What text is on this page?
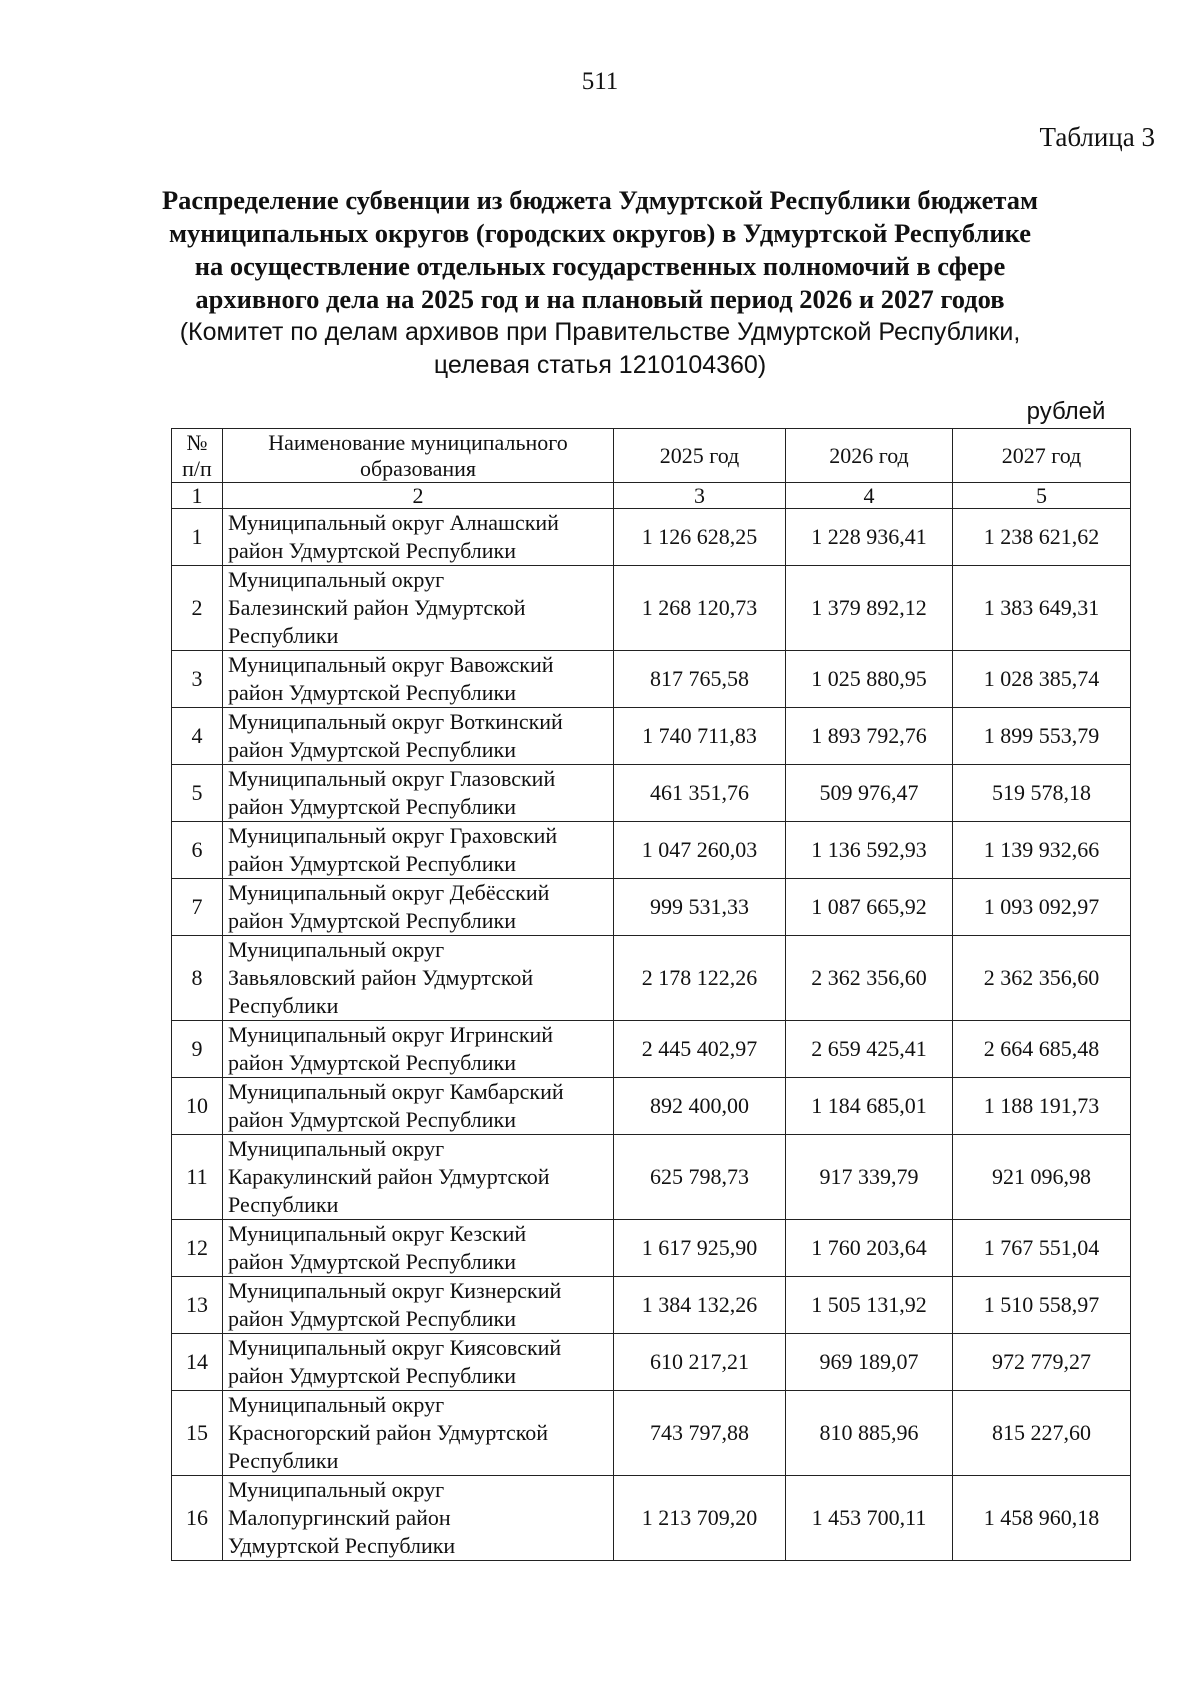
511
Таблица 3
Распределение субвенции из бюджета Удмуртской Республики бюджетам
муниципальных округов (городских округов) в Удмуртской Республике
на осуществление отдельных государственных полномочий в сфере
архивного дела на 2025 год и на плановый период 2026 и 2027 годов
(Комитет по делам архивов при Правительстве Удмуртской Республики,
целевая статья 1210104360)
рублей
№
п/п	Наименование муниципального образования	2025 год	2026 год	2027 год
1	2	3	4	5
1	Муниципальный округ Алнашский
район Удмуртской Республики	1 126 628,25	1 228 936,41	1 238 621,62
2	Муниципальный округ
Балезинский район Удмуртской
Республики	1 268 120,73	1 379 892,12	1 383 649,31
3	Муниципальный округ Вавожский
район Удмуртской Республики	817 765,58	1 025 880,95	1 028 385,74
4	Муниципальный округ Воткинский
район Удмуртской Республики	1 740 711,83	1 893 792,76	1 899 553,79
5	Муниципальный округ Глазовский
район Удмуртской Республики	461 351,76	509 976,47	519 578,18
6	Муниципальный округ Граховский
район Удмуртской Республики	1 047 260,03	1 136 592,93	1 139 932,66
7	Муниципальный округ Дебёсский
район Удмуртской Республики	999 531,33	1 087 665,92	1 093 092,97
8	Муниципальный округ
Завьяловский район Удмуртской
Республики	2 178 122,26	2 362 356,60	2 362 356,60
9	Муниципальный округ Игринский
район Удмуртской Республики	2 445 402,97	2 659 425,41	2 664 685,48
10	Муниципальный округ Камбарский
район Удмуртской Республики	892 400,00	1 184 685,01	1 188 191,73
11	Муниципальный округ
Каракулинский район Удмуртской
Республики	625 798,73	917 339,79	921 096,98
12	Муниципальный округ Кезский
район Удмуртской Республики	1 617 925,90	1 760 203,64	1 767 551,04
13	Муниципальный округ Кизнерский
район Удмуртской Республики	1 384 132,26	1 505 131,92	1 510 558,97
14	Муниципальный округ Киясовский
район Удмуртской Республики	610 217,21	969 189,07	972 779,27
15	Муниципальный округ
Красногорский район Удмуртской
Республики	743 797,88	810 885,96	815 227,60
16	Муниципальный округ
Малопургинский район
Удмуртской Республики	1 213 709,20	1 453 700,11	1 458 960,18
